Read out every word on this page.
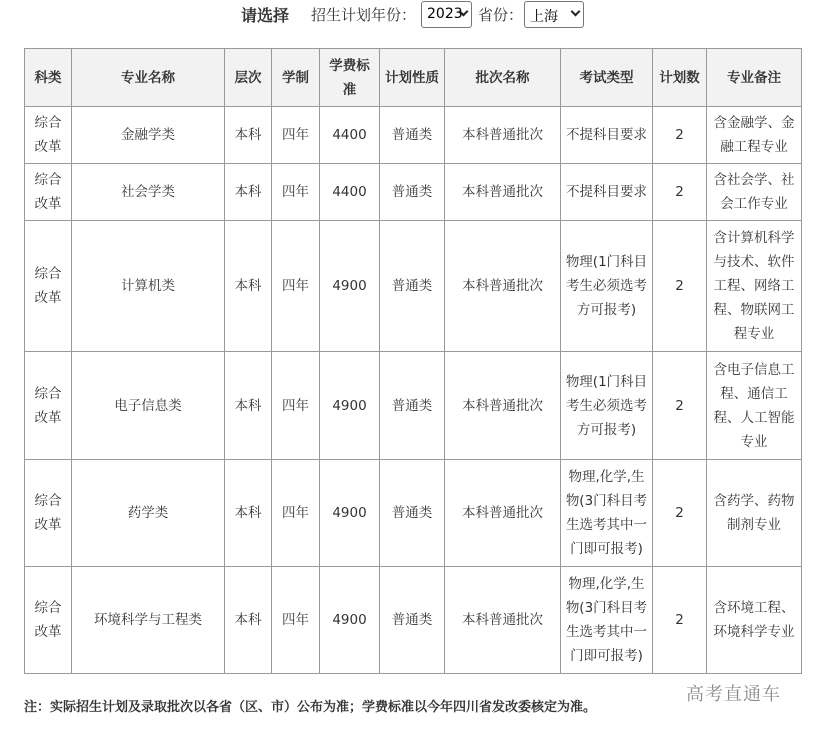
请选择 招生计划年份： 2023	省份： 上海
科类	专业名称	层次	学制	学费标准	计划性质	批次名称	考试类型	计划数	专业备注
综合改革	金融学类	本科	四年	4400	普通类	本科普通批次	不提科目要求	2	含金融学、金融工程专业
综合改革	社会学类	本科	四年	4400	普通类	本科普通批次	不提科目要求	2	含社会学、社会工作专业
综合改革	计算机类	本科	四年	4900	普通类	本科普通批次	物理(1门科目考生必须选考方可报考)	2	含计算机科学与技术、软件工程、网络工程、物联网工程专业
综合改革	电子信息类	本科	四年	4900	普通类	本科普通批次	物理(1门科目考生必须选考方可报考)	2	含电子信息工程、通信工程、人工智能专业
综合改革	药学类	本科	四年	4900	普通类	本科普通批次	物理,化学,生物(3门科目考生选考其中一门即可报考)	2	含药学、药物制剂专业
综合改革	环境科学与工程类	本科	四年	4900	普通类	本科普通批次	物理,化学,生物(3门科目考生选考其中一门即可报考)	2	含环境工程、环境科学专业
注：实际招生计划及录取批次以各省（区、市）公布为准；学费标准以今年四川省发改委核定为准。
高考直通车
